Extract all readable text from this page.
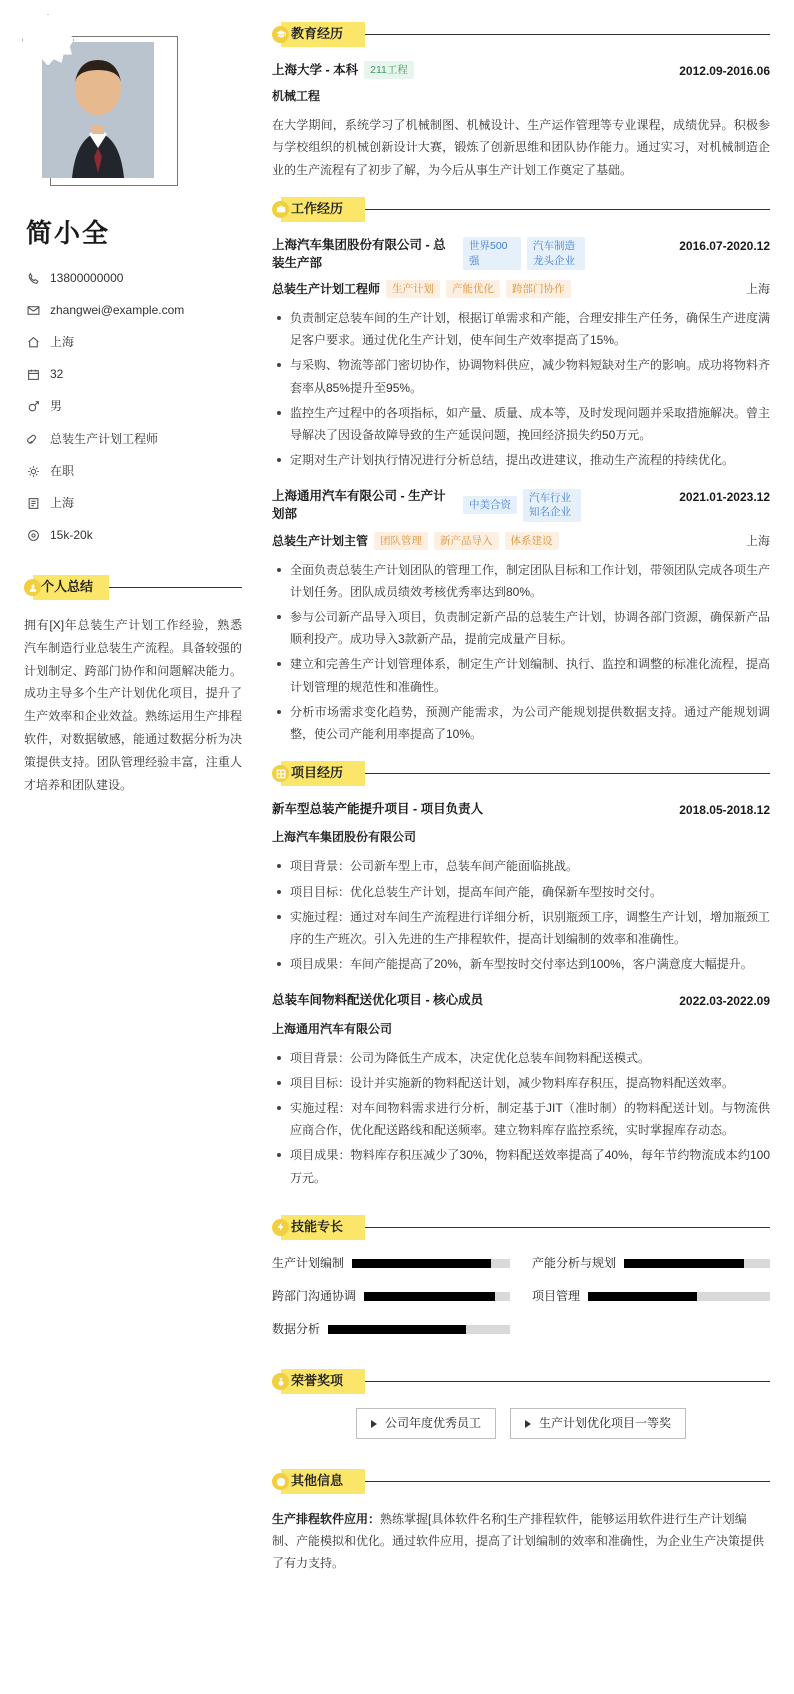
简小全
13800000000
zhangwei@example.com
上海
32
男
总装生产计划工程师
在职
上海
15k-20k
个人总结
拥有[X]年总装生产计划工作经验，熟悉汽车制造行业总装生产流程。具备较强的计划制定、跨部门协作和问题解决能力。成功主导多个生产计划优化项目，提升了生产效率和企业效益。熟练运用生产排程软件，对数据敏感，能通过数据分析为决策提供支持。团队管理经验丰富，注重人才培养和团队建设。
教育经历
上海大学 - 本科	211工程	2012.09-2016.06
机械工程
在大学期间，系统学习了机械制图、机械设计、生产运作管理等专业课程，成绩优异。积极参与学校组织的机械创新设计大赛，锻炼了创新思维和团队协作能力。通过实习，对机械制造企业的生产流程有了初步了解，为今后从事生产计划工作奠定了基础。
工作经历
上海汽车集团股份有限公司 - 总装生产部
世界500强
汽车制造龙头企业
2016.07-2020.12
总装生产计划工程师	生产计划	产能优化	跨部门协作	上海
负责制定总装车间的生产计划，根据订单需求和产能，合理安排生产任务，确保生产进度满足客户要求。通过优化生产计划，使车间生产效率提高了15%。
与采购、物流等部门密切协作，协调物料供应，减少物料短缺对生产的影响。成功将物料齐套率从85%提升至95%。
监控生产过程中的各项指标，如产量、质量、成本等，及时发现问题并采取措施解决。曾主导解决了因设备故障导致的生产延误问题，挽回经济损失约50万元。
定期对生产计划执行情况进行分析总结，提出改进建议，推动生产流程的持续优化。
上海通用汽车有限公司 - 生产计划部
中美合资
汽车行业知名企业
2021.01-2023.12
总装生产计划主管	团队管理	新产品导入	体系建设	上海
全面负责总装生产计划团队的管理工作，制定团队目标和工作计划，带领团队完成各项生产计划任务。团队成员绩效考核优秀率达到80%。
参与公司新产品导入项目，负责制定新产品的总装生产计划，协调各部门资源，确保新产品顺利投产。成功导入3款新产品，提前完成量产目标。
建立和完善生产计划管理体系，制定生产计划编制、执行、监控和调整的标准化流程，提高计划管理的规范性和准确性。
分析市场需求变化趋势，预测产能需求，为公司产能规划提供数据支持。通过产能规划调整，使公司产能利用率提高了10%。
项目经历
新车型总装产能提升项目 - 项目负责人	2018.05-2018.12
上海汽车集团股份有限公司
项目背景：公司新车型上市，总装车间产能面临挑战。
项目目标：优化总装生产计划，提高车间产能，确保新车型按时交付。
实施过程：通过对车间生产流程进行详细分析，识别瓶颈工序，调整生产计划，增加瓶颈工序的生产班次。引入先进的生产排程软件，提高计划编制的效率和准确性。
项目成果：车间产能提高了20%，新车型按时交付率达到100%，客户满意度大幅提升。
总装车间物料配送优化项目 - 核心成员	2022.03-2022.09
上海通用汽车有限公司
项目背景：公司为降低生产成本，决定优化总装车间物料配送模式。
项目目标：设计并实施新的物料配送计划，减少物料库存积压，提高物料配送效率。
实施过程：对车间物料需求进行分析，制定基于JIT（准时制）的物料配送计划。与物流供应商合作，优化配送路线和配送频率。建立物料库存监控系统，实时掌握库存动态。
项目成果：物料库存积压减少了30%，物料配送效率提高了40%，每年节约物流成本约100万元。
技能专长
生产计划编制	产能分析与规划
跨部门沟通协调	项目管理
数据分析
荣誉奖项
公司年度优秀员工	生产计划优化项目一等奖
其他信息
生产排程软件应用：熟练掌握[具体软件名称]生产排程软件，能够运用软件进行生产计划编制、产能模拟和优化。通过软件应用，提高了计划编制的效率和准确性，为企业生产决策提供了有力支持。
